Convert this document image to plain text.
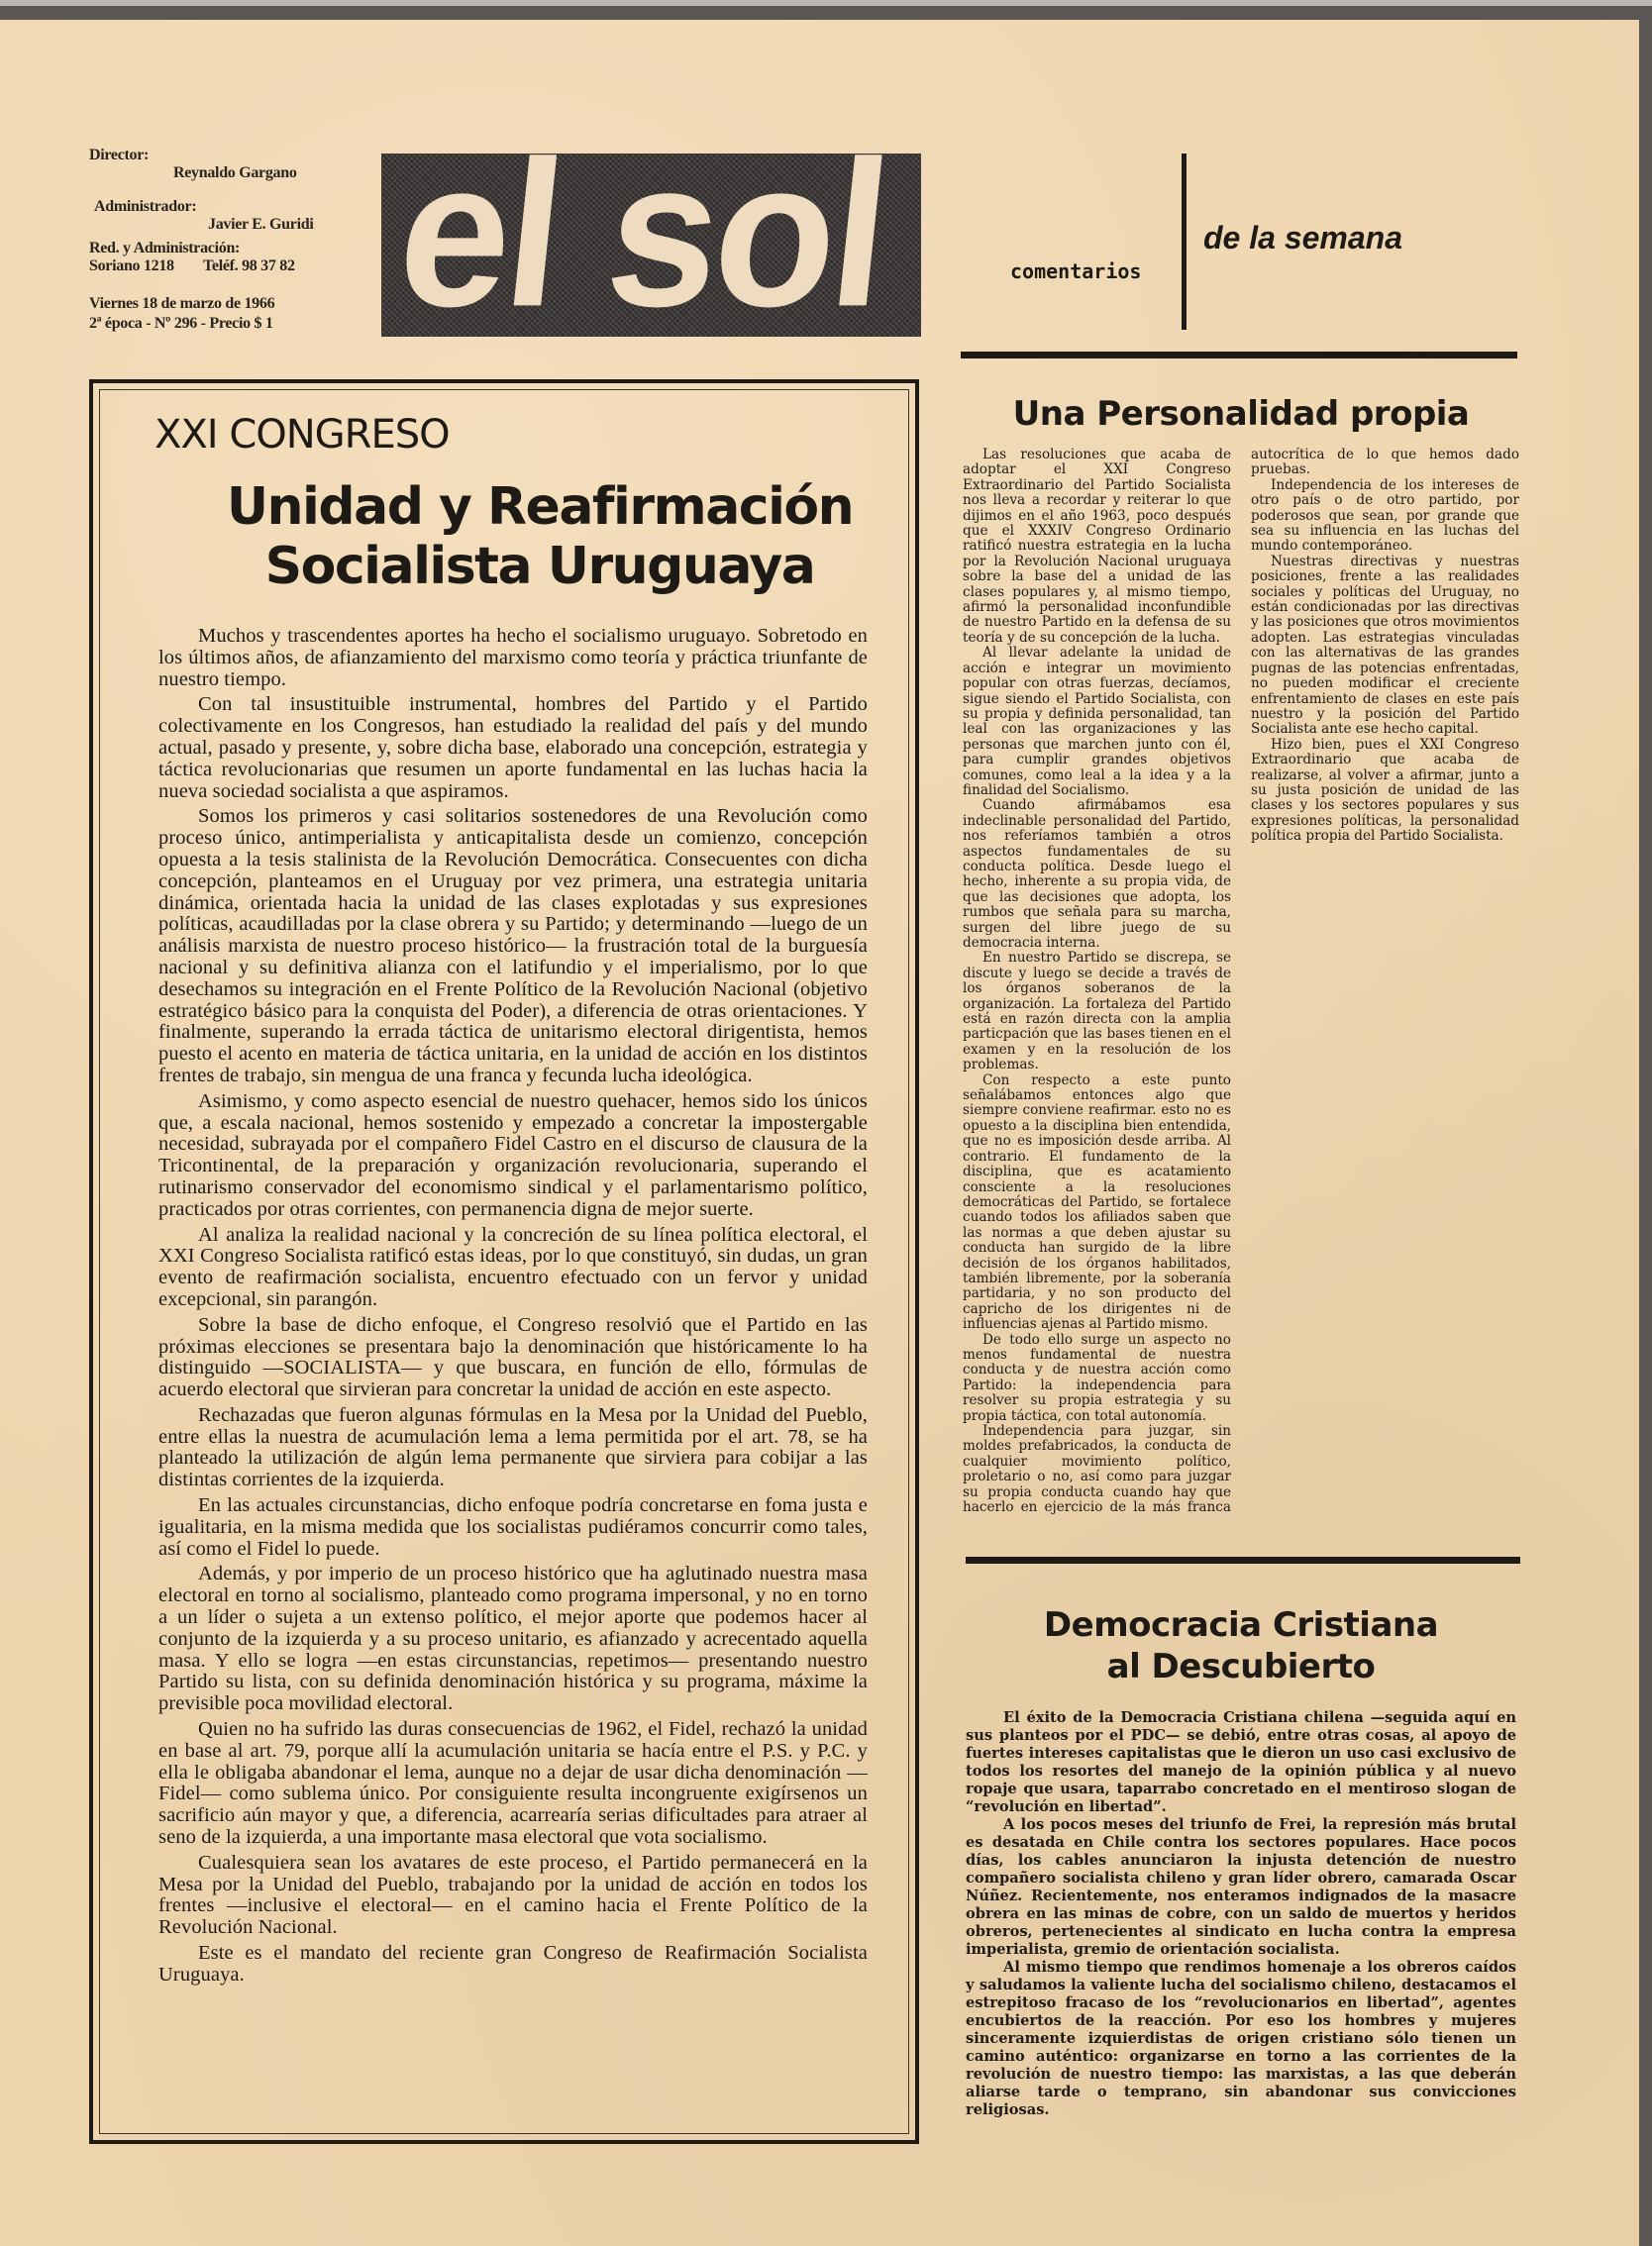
Director:
Reynaldo Gargano
Administrador:
Javier E. Guridi
Red. y Administración:
Soriano 1218 Teléf. 98 37 82
Viernes 18 de marzo de 1966
2ª época - Nº 296 - Precio $ 1 el sol	comentarios
de la semana
XXI CONGRESO
Unidad y Reafirmación
Socialista Uruguaya

Muchos y trascendentes aportes ha hecho el socialismo uruguayo. Sobretodo en los últimos años, de afianzamiento del marxismo como teoría y práctica triunfante de nuestro tiempo.

Con tal insustituible instrumental, hombres del Partido y el Partido colectivamente en los Congresos, han estudiado la realidad del país y del mundo actual, pasado y presente, y, sobre dicha base, elaborado una concepción, estrategia y táctica revolucionarias que resumen un aporte fundamental en las luchas hacia la nueva sociedad socialista a que aspiramos.

Somos los primeros y casi solitarios sostenedores de una Revolución como proceso único, antimperialista y anticapitalista desde un comienzo, concepción opuesta a la tesis stalinista de la Revolución Democrática. Consecuentes con dicha concepción, planteamos en el Uruguay por vez primera, una estrategia unitaria dinámica, orientada hacia la unidad de las clases explotadas y sus expresiones políticas, acaudilladas por la clase obrera y su Partido; y determinando —luego de un análisis marxista de nuestro proceso histórico— la frustración total de la burguesía nacional y su definitiva alianza con el latifundio y el imperialismo, por lo que desechamos su integración en el Frente Político de la Revolución Nacional (objetivo estratégico básico para la conquista del Poder), a diferencia de otras orientaciones. Y finalmente, superando la errada táctica de unitarismo electoral dirigentista, hemos puesto el acento en materia de táctica unitaria, en la unidad de acción en los distintos frentes de trabajo, sin mengua de una franca y fecunda lucha ideológica.

Asimismo, y como aspecto esencial de nuestro quehacer, hemos sido los únicos que, a escala nacional, hemos sostenido y empezado a concretar la impostergable necesidad, subrayada por el compañero Fidel Castro en el discurso de clausura de la Tricontinental, de la preparación y organización revolucionaria, superando el rutinarismo conservador del economismo sindical y el parlamentarismo político, practicados por otras corrientes, con permanencia digna de mejor suerte.

Al analiza la realidad nacional y la concreción de su línea política electoral, el XXI Congreso Socialista ratificó estas ideas, por lo que constituyó, sin dudas, un gran evento de reafirmación socialista, encuentro efectuado con un fervor y unidad excepcional, sin parangón.

Sobre la base de dicho enfoque, el Congreso resolvió que el Partido en las próximas elecciones se presentara bajo la denominación que históricamente lo ha distinguido —SOCIALISTA— y que buscara, en función de ello, fórmulas de acuerdo electoral que sirvieran para concretar la unidad de acción en este aspecto.

Rechazadas que fueron algunas fórmulas en la Mesa por la Unidad del Pueblo, entre ellas la nuestra de acumulación lema a lema permitida por el art. 78, se ha planteado la utilización de algún lema permanente que sirviera para cobijar a las distintas corrientes de la izquierda.

En las actuales circunstancias, dicho enfoque podría concretarse en foma justa e igualitaria, en la misma medida que los socialistas pudiéramos concurrir como tales, así como el Fidel lo puede.

Además, y por imperio de un proceso histórico que ha aglutinado nuestra masa electoral en torno al socialismo, planteado como programa impersonal, y no en torno a un líder o sujeta a un extenso político, el mejor aporte que podemos hacer al conjunto de la izquierda y a su proceso unitario, es afianzado y acrecentado aquella masa. Y ello se logra —en estas circunstancias, repetimos— presentando nuestro Partido su lista, con su definida denominación histórica y su programa, máxime la previsible poca movilidad electoral.

Quien no ha sufrido las duras consecuencias de 1962, el Fidel, rechazó la unidad en base al art. 79, porque allí la acumulación unitaria se hacía entre el P.S. y P.C. y ella le obligaba abandonar el lema, aunque no a dejar de usar dicha denominación —Fidel— como sublema único. Por consiguiente resulta incongruente exigírsenos un sacrificio aún mayor y que, a diferencia, acarrearía serias dificultades para atraer al seno de la izquierda, a una importante masa electoral que vota socialismo.

Cualesquiera sean los avatares de este proceso, el Partido permanecerá en la Mesa por la Unidad del Pueblo, trabajando por la unidad de acción en todos los frentes —inclusive el electoral— en el camino hacia el Frente Político de la Revolución Nacional.

Este es el mandato del reciente gran Congreso de Reafirmación Socialista Uruguaya.

Una Personalidad propia

Las resoluciones que acaba de adoptar el XXI Congreso Extraordinario del Partido Socialista nos lleva a recordar y reiterar lo que dijimos en el año 1963, poco después que el XXXIV Congreso Ordinario ratificó nuestra estrategia en la lucha por la Revolución Nacional uruguaya sobre la base del a unidad de las clases populares y, al mismo tiempo, afirmó la personalidad inconfundible de nuestro Partido en la defensa de su teoría y de su concepción de la lucha.

Al llevar adelante la unidad de acción e integrar un movimiento popular con otras fuerzas, decíamos, sigue siendo el Partido Socialista, con su propia y definida personalidad, tan leal con las organizaciones y las personas que marchen junto con él, para cumplir grandes objetivos comunes, como leal a la idea y a la finalidad del Socialismo.

Cuando afirmábamos esa indeclinable personalidad del Partido, nos referíamos también a otros aspectos fundamentales de su conducta política. Desde luego el hecho, inherente a su propia vida, de que las decisiones que adopta, los rumbos que señala para su marcha, surgen del libre juego de su democracia interna.

En nuestro Partido se discrepa, se discute y luego se decide a través de los órganos soberanos de la organización. La fortaleza del Partido está en razón directa con la amplia particpación que las bases tienen en el examen y en la resolución de los problemas.

Con respecto a este punto señalábamos entonces algo que siempre conviene reafirmar. esto no es opuesto a la disciplina bien entendida, que no es imposición desde arriba. Al contrario. El fundamento de la disciplina, que es acatamiento consciente a la resoluciones democráticas del Partido, se fortalece cuando todos los afiliados saben que las normas a que deben ajustar su conducta han surgido de la libre decisión de los órganos habilitados, también libremente, por la soberanía partidaria, y no son producto del capricho de los dirigentes ni de influencias ajenas al Partido mismo.

De todo ello surge un aspecto no menos fundamental de nuestra conducta y de nuestra acción como Partido: la independencia para resolver su propia estrategia y su propia táctica, con total autonomía.

Independencia para juzgar, sin moldes prefabricados, la conducta de cualquier movimiento político, proletario o no, así como para juzgar su propia conducta cuando hay que hacerlo en ejercicio de la más franca autocrítica de lo que hemos dado pruebas.

Independencia de los intereses de otro país o de otro partido, por poderosos que sean, por grande que sea su influencia en las luchas del mundo contemporáneo.

Nuestras directivas y nuestras posiciones, frente a las realidades sociales y políticas del Uruguay, no están condicionadas por las directivas y las posiciones que otros movimientos adopten. Las estrategias vinculadas con las alternativas de las grandes pugnas de las potencias enfrentadas, no pueden modificar el creciente enfrentamiento de clases en este país nuestro y la posición del Partido Socialista ante ese hecho capital.

Hizo bien, pues el XXI Congreso Extraordinario que acaba de realizarse, al volver a afirmar, junto a su justa posición de unidad de las clases y los sectores populares y sus expresiones políticas, la personalidad política propia del Partido Socialista.

Democracia Cristiana
al Descubierto

El éxito de la Democracia Cristiana chilena —seguida aquí en sus planteos por el PDC— se debió, entre otras cosas, al apoyo de fuertes intereses capitalistas que le dieron un uso casi exclusivo de todos los resortes del manejo de la opinión pública y al nuevo ropaje que usara, taparrabo concretado en el mentiroso slogan de “revolución en libertad”.

A los pocos meses del triunfo de Frei, la represión más brutal es desatada en Chile contra los sectores populares. Hace pocos días, los cables anunciaron la injusta detención de nuestro compañero socialista chileno y gran líder obrero, camarada Oscar Núñez. Recientemente, nos enteramos indignados de la masacre obrera en las minas de cobre, con un saldo de muertos y heridos obreros, pertenecientes al sindicato en lucha contra la empresa imperialista, gremio de orientación socialista.

Al mismo tiempo que rendimos homenaje a los obreros caídos y saludamos la valiente lucha del socialismo chileno, destacamos el estrepitoso fracaso de los “revolucionarios en libertad”, agentes encubiertos de la reacción. Por eso los hombres y mujeres sinceramente izquierdistas de origen cristiano sólo tienen un camino auténtico: organizarse en torno a las corrientes de la revolución de nuestro tiempo: las marxistas, a las que deberán aliarse tarde o temprano, sin abandonar sus convicciones religiosas.
